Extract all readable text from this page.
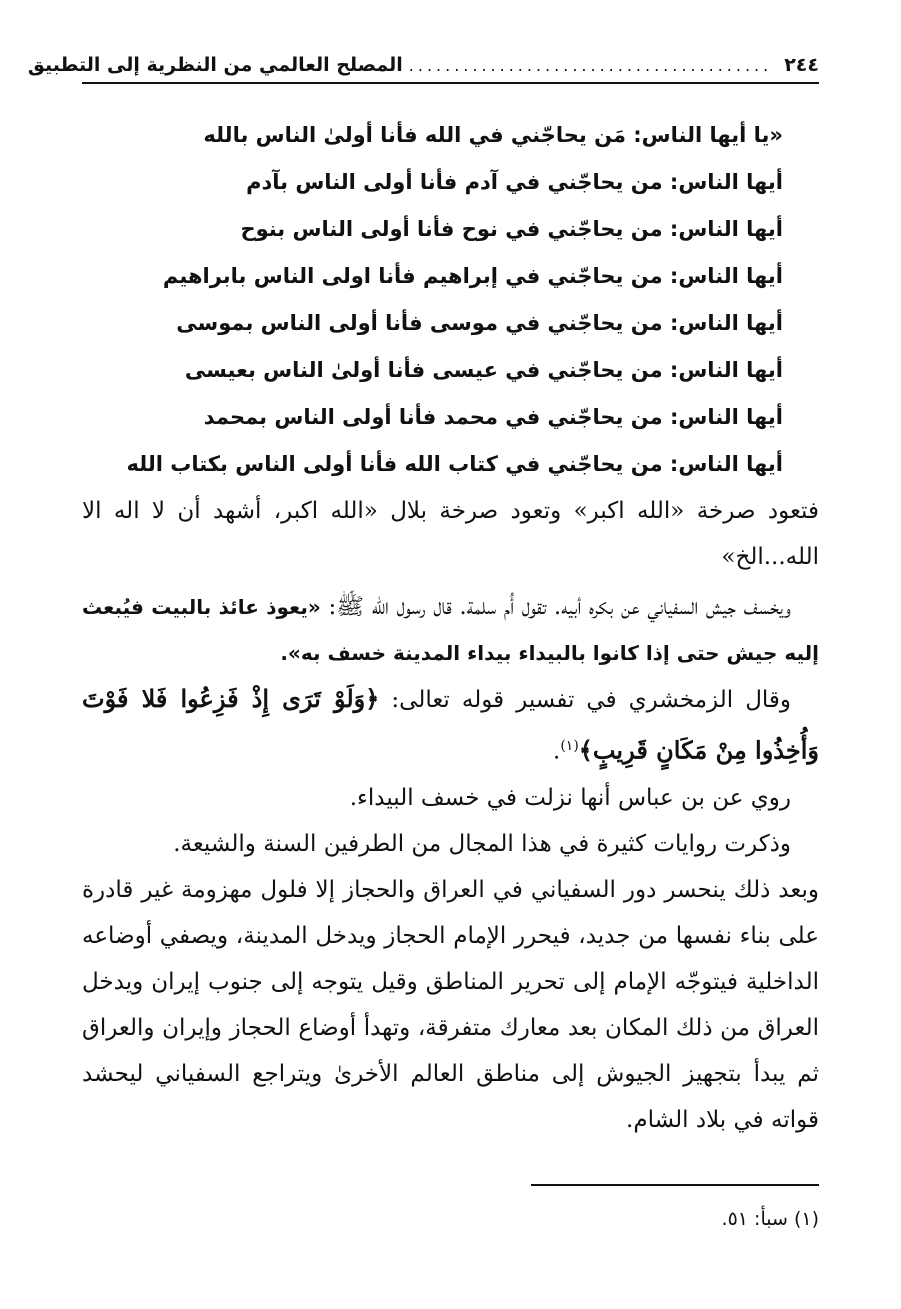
٢٤٤
........................................
المصلح العالمي من النظرية إلى التطبيق
«يا أيها الناس: مَن يحاجّني في الله فأنا أولىٰ الناس بالله
أيها الناس: من يحاجّني في آدم فأنا أولى الناس بآدم
أيها الناس: من يحاجّني في نوح فأنا أولى الناس بنوح
أيها الناس: من يحاجّني في إبراهيم فأنا اولى الناس بابراهيم
أيها الناس: من يحاجّني في موسى فأنا أولى الناس بموسى
أيها الناس: من يحاجّني في عيسى فأنا أولىٰ الناس بعيسى
أيها الناس: من يحاجّني في محمد فأنا أولى الناس بمحمد
أيها الناس: من يحاجّني في كتاب الله فأنا أولى الناس بكتاب الله

فتعود صرخة «الله اكبر» وتعود صرخة بلال «الله اكبر، أشهد أن لا اله الا الله...الخ»

ويخسف جيش السفياني عن بكره أبيه. تقول أُم سلمة. قال رسول الله ﷺ: «يعوذ عائذ بالبيت فيُبعث إليه جيش حتى إذا كانوا بالبيداء بيداء المدينة خسف به».

وقال الزمخشري في تفسير قوله تعالى: ﴿وَلَوْ تَرَى إِذْ فَزِعُوا فَلا فَوْتَ وَأُخِذُوا مِنْ مَكَانٍ قَرِيبٍ﴾$^{(١)}$.

روي عن بن عباس أنها نزلت في خسف البيداء.

وذكرت روايات كثيرة في هذا المجال من الطرفين السنة والشيعة.

وبعد ذلك ينحسر دور السفياني في العراق والحجاز إلا فلول مهزومة غير قادرة على بناء نفسها من جديد، فيحرر الإمام الحجاز ويدخل المدينة، ويصفي أوضاعه الداخلية فيتوجّه الإمام إلى تحرير المناطق وقيل يتوجه إلى جنوب إيران ويدخل العراق من ذلك المكان بعد معارك متفرقة، وتهدأ أوضاع الحجاز وإيران والعراق ثم يبدأ بتجهيز الجيوش إلى مناطق العالم الأخرىٰ ويتراجع السفياني ليحشد قواته في بلاد الشام.

(١) سبأ: ٥١.
